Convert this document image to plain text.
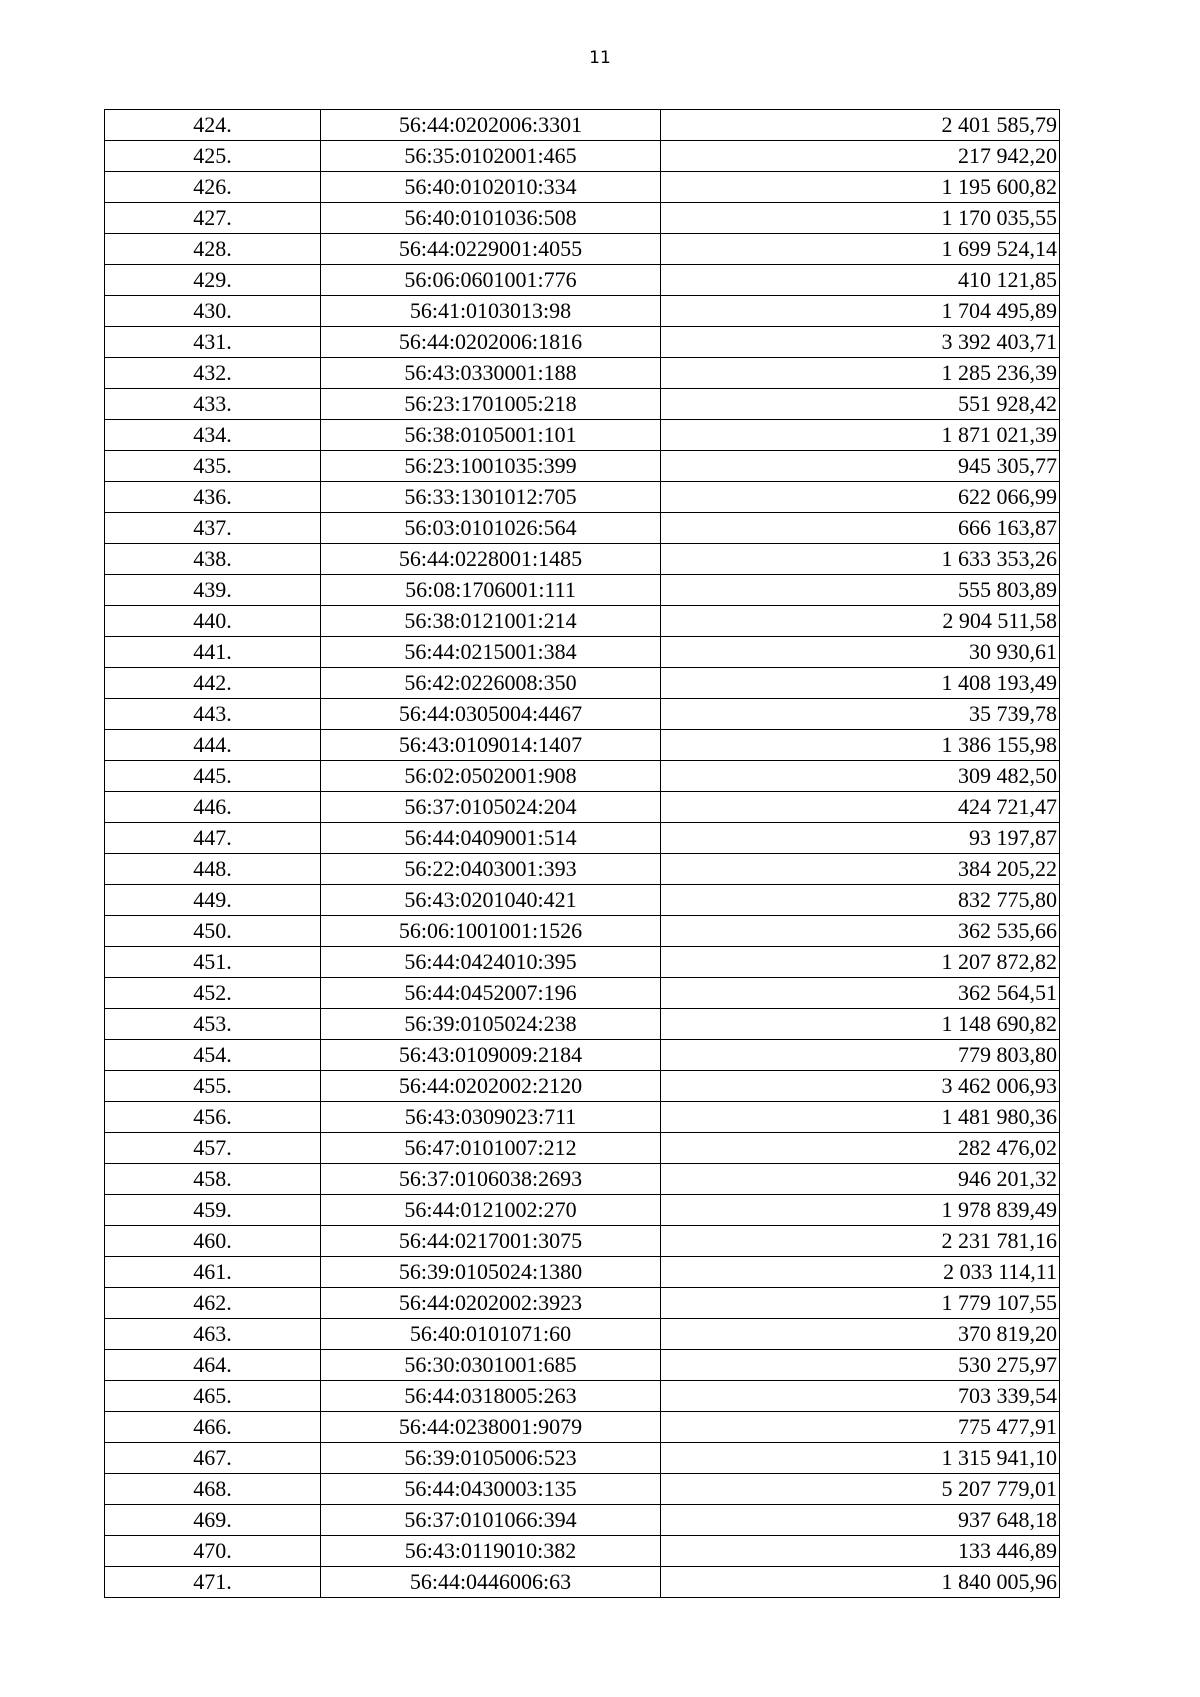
11
424.	56:44:0202006:3301	2 401 585,79
425.	56:35:0102001:465	217 942,20
426.	56:40:0102010:334	1 195 600,82
427.	56:40:0101036:508	1 170 035,55
428.	56:44:0229001:4055	1 699 524,14
429.	56:06:0601001:776	410 121,85
430.	56:41:0103013:98	1 704 495,89
431.	56:44:0202006:1816	3 392 403,71
432.	56:43:0330001:188	1 285 236,39
433.	56:23:1701005:218	551 928,42
434.	56:38:0105001:101	1 871 021,39
435.	56:23:1001035:399	945 305,77
436.	56:33:1301012:705	622 066,99
437.	56:03:0101026:564	666 163,87
438.	56:44:0228001:1485	1 633 353,26
439.	56:08:1706001:111	555 803,89
440.	56:38:0121001:214	2 904 511,58
441.	56:44:0215001:384	30 930,61
442.	56:42:0226008:350	1 408 193,49
443.	56:44:0305004:4467	35 739,78
444.	56:43:0109014:1407	1 386 155,98
445.	56:02:0502001:908	309 482,50
446.	56:37:0105024:204	424 721,47
447.	56:44:0409001:514	93 197,87
448.	56:22:0403001:393	384 205,22
449.	56:43:0201040:421	832 775,80
450.	56:06:1001001:1526	362 535,66
451.	56:44:0424010:395	1 207 872,82
452.	56:44:0452007:196	362 564,51
453.	56:39:0105024:238	1 148 690,82
454.	56:43:0109009:2184	779 803,80
455.	56:44:0202002:2120	3 462 006,93
456.	56:43:0309023:711	1 481 980,36
457.	56:47:0101007:212	282 476,02
458.	56:37:0106038:2693	946 201,32
459.	56:44:0121002:270	1 978 839,49
460.	56:44:0217001:3075	2 231 781,16
461.	56:39:0105024:1380	2 033 114,11
462.	56:44:0202002:3923	1 779 107,55
463.	56:40:0101071:60	370 819,20
464.	56:30:0301001:685	530 275,97
465.	56:44:0318005:263	703 339,54
466.	56:44:0238001:9079	775 477,91
467.	56:39:0105006:523	1 315 941,10
468.	56:44:0430003:135	5 207 779,01
469.	56:37:0101066:394	937 648,18
470.	56:43:0119010:382	133 446,89
471.	56:44:0446006:63	1 840 005,96
